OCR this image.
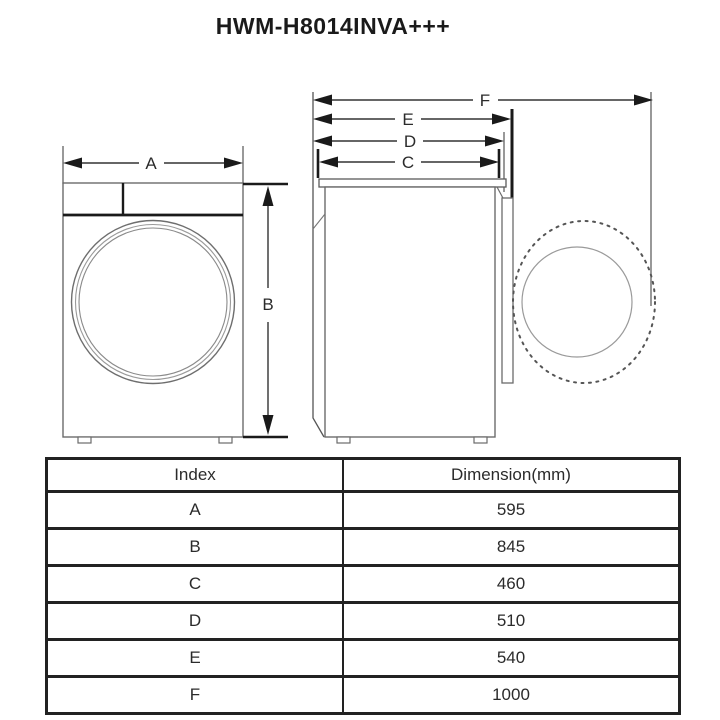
HWM-H8014INVA+++
A
B
F
E
D
C
Index	Dimension(mm)
A	595
B	845
C	460
D	510
E	540
F	1000
